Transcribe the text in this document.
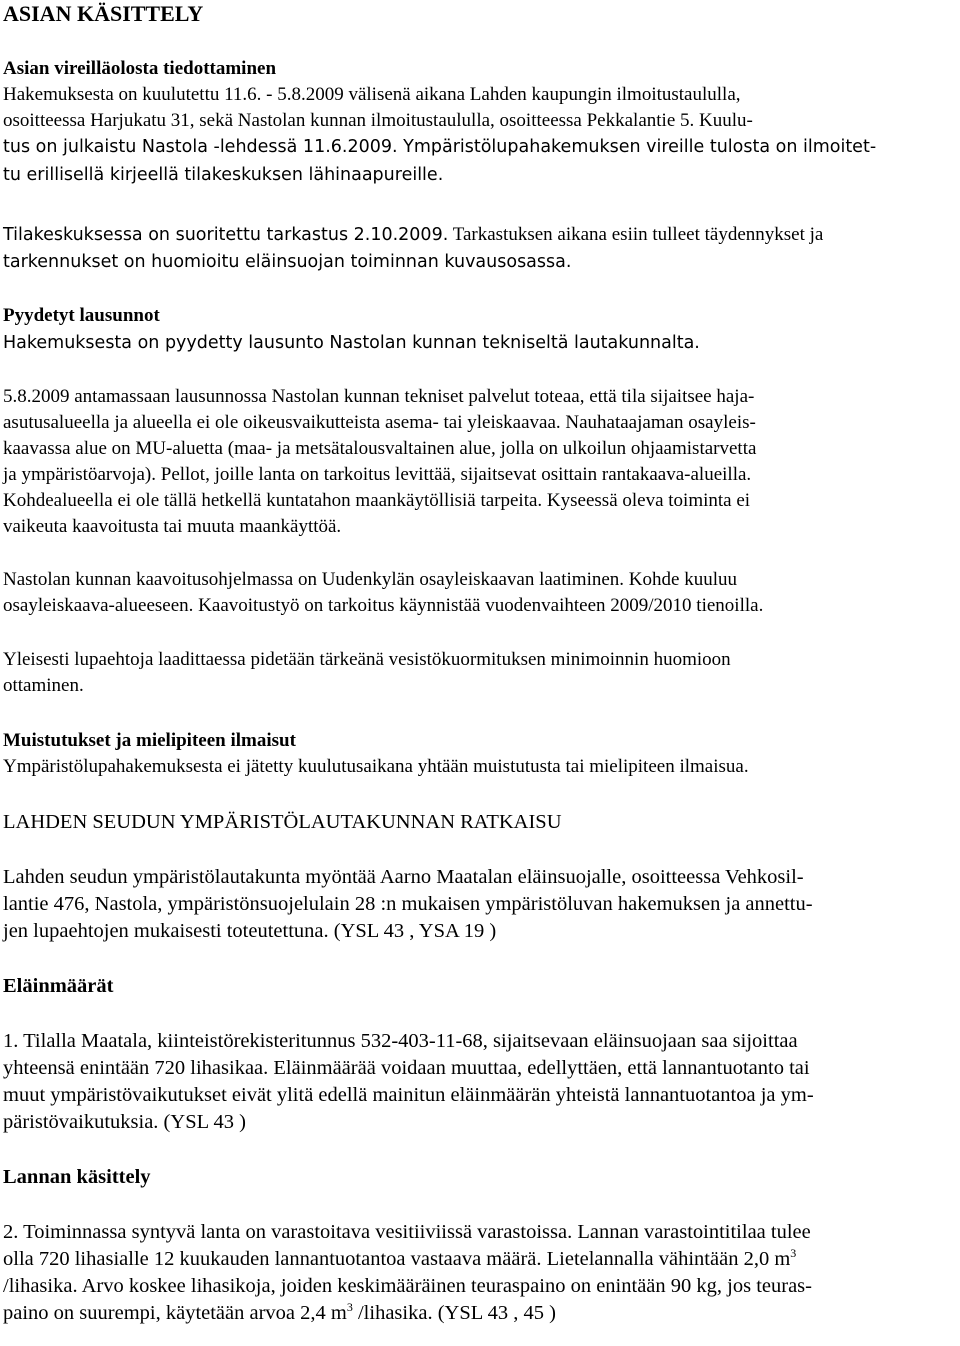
ASIAN KÄSITTELY
Asian vireilläolosta tiedottaminen
Hakemuksesta on kuulutettu 11.6. - 5.8.2009 välisenä aikana Lahden kaupungin ilmoitustaululla,
osoitteessa Harjukatu 31, sekä Nastolan kunnan ilmoitustaululla, osoitteessa Pekkalantie 5. Kuulu-
tus on julkaistu Nastola -lehdessä 11.6.2009. Ympäristölupahakemuksen vireille tulosta on ilmoitet-
tu erillisellä kirjeellä tilakeskuksen lähinaapureille.
Tilakeskuksessa on suoritettu tarkastus 2.10.2009. Tarkastuksen aikana esiin tulleet täydennykset ja
tarkennukset on huomioitu eläinsuojan toiminnan kuvausosassa.
Pyydetyt lausunnot
Hakemuksesta on pyydetty lausunto Nastolan kunnan tekniseltä lautakunnalta.
5.8.2009 antamassaan lausunnossa Nastolan kunnan tekniset palvelut toteaa, että tila sijaitsee haja-
asutusalueella ja alueella ei ole oikeusvaikutteista asema- tai yleiskaavaa. Nauhataajaman osayleis-
kaavassa alue on MU-aluetta (maa- ja metsätalousvaltainen alue, jolla on ulkoilun ohjaamistarvetta
ja ympäristöarvoja). Pellot, joille lanta on tarkoitus levittää, sijaitsevat osittain rantakaava-alueilla.
Kohdealueella ei ole tällä hetkellä kuntatahon maankäytöllisiä tarpeita. Kyseessä oleva toiminta ei
vaikeuta kaavoitusta tai muuta maankäyttöä.
Nastolan kunnan kaavoitusohjelmassa on Uudenkylän osayleiskaavan laatiminen. Kohde kuuluu
osayleiskaava-alueeseen. Kaavoitustyö on tarkoitus käynnistää vuodenvaihteen 2009/2010 tienoilla.
Yleisesti lupaehtoja laadittaessa pidetään tärkeänä vesistökuormituksen minimoinnin huomioon
ottaminen.
Muistutukset ja mielipiteen ilmaisut
Ympäristölupahakemuksesta ei jätetty kuulutusaikana yhtään muistutusta tai mielipiteen ilmaisua.
LAHDEN SEUDUN YMPÄRISTÖLAUTAKUNNAN RATKAISU
Lahden seudun ympäristölautakunta myöntää Aarno Maatalan eläinsuojalle, osoitteessa Vehkosil-
lantie 476, Nastola, ympäristönsuojelulain 28 :n mukaisen ympäristöluvan hakemuksen ja annettu-
jen lupaehtojen mukaisesti toteutettuna. (YSL 43 , YSA 19 )
Eläinmäärät
1. Tilalla Maatala, kiinteistörekisteritunnus 532-403-11-68, sijaitsevaan eläinsuojaan saa sijoittaa
yhteensä enintään 720 lihasikaa. Eläinmäärää voidaan muuttaa, edellyttäen, että lannantuotanto tai
muut ympäristövaikutukset eivät ylitä edellä mainitun eläinmäärän yhteistä lannantuotantoa ja ym-
päristövaikutuksia. (YSL 43 )
Lannan käsittely
2. Toiminnassa syntyvä lanta on varastoitava vesitiiviissä varastoissa. Lannan varastointitilaa tulee
olla 720 lihasialle 12 kuukauden lannantuotantoa vastaava määrä. Lietelannalla vähintään 2,0 $m^3$
/lihasika. Arvo koskee lihasikoja, joiden keskimääräinen teuraspaino on enintään 90 kg, jos teuras-
paino on suurempi, käytetään arvoa 2,4 $m^3$ /lihasika. (YSL 43 , 45 )
